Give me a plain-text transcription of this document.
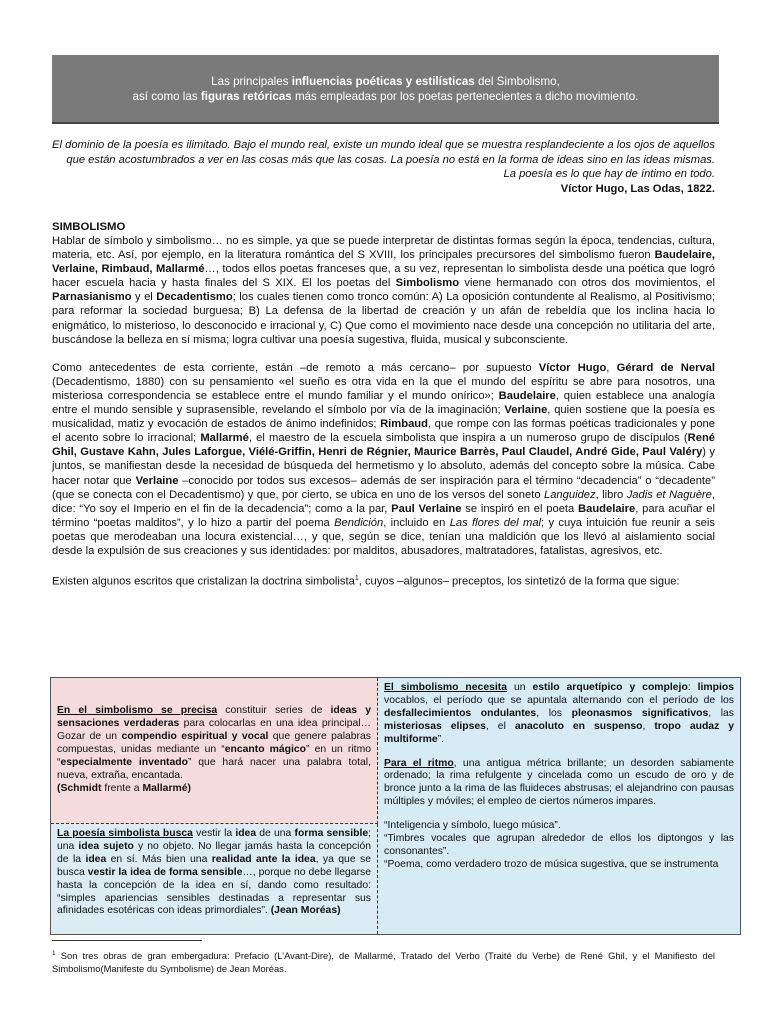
Las principales influencias poéticas y estilísticas del Simbolismo,
así como las figuras retóricas más empleadas por los poetas pertenecientes a dicho movimiento.
El dominio de la poesía es ilimitado. Bajo el mundo real, existe un mundo ideal que se muestra resplandeciente a los ojos de aquellos que están acostumbrados a ver en las cosas más que las cosas. La poesía no está en la forma de ideas sino en las ideas mismas. La poesía es lo que hay de íntimo en todo.
Víctor Hugo, Las Odas, 1822.
SIMBOLISMO

Hablar de símbolo y simbolismo… no es simple, ya que se puede interpretar de distintas formas según la época, tendencias, cultura, materia, etc. Así, por ejemplo, en la literatura romántica del S XVIII, los principales precursores del simbolismo fueron Baudelaire, Verlaine, Rimbaud, Mallarmé…, todos ellos poetas franceses que, a su vez, representan lo simbolista desde una poética que logró hacer escuela hacia y hasta finales del S XIX. El los poetas del Simbolismo viene hermanado con otros dos movimientos, el Parnasianismo y el Decadentismo; los cuales tienen como tronco común: A) La oposición contundente al Realismo, al Positivismo; para reformar la sociedad burguesa; B) La defensa de la libertad de creación y un afán de rebeldía que los inclina hacia lo enigmático, lo misterioso, lo desconocido e irracional y, C) Que como el movimiento nace desde una concepción no utilitaria del arte, buscándose la belleza en sí misma; logra cultivar una poesía sugestiva, fluida, musical y subconsciente.

Como antecedentes de esta corriente, están –de remoto a más cercano– por supuesto Víctor Hugo, Gérard de Nerval (Decadentismo, 1880) con su pensamiento «el sueño es otra vida en la que el mundo del espíritu se abre para nosotros, una misteriosa correspondencia se establece entre el mundo familiar y el mundo onírico»; Baudelaire, quien establece una analogía entre el mundo sensible y suprasensible, revelando el símbolo por vía de la imaginación; Verlaine, quien sostiene que la poesía es musicalidad, matiz y evocación de estados de ánimo indefinidos; Rimbaud, que rompe con las formas poéticas tradicionales y pone el acento sobre lo irracional; Mallarmé, el maestro de la escuela simbolista que inspira a un numeroso grupo de discípulos (René Ghil, Gustave Kahn, Jules Laforgue, Viélé-Griffin, Henri de Régnier, Maurice Barrès, Paul Claudel, André Gide, Paul Valéry) y juntos, se manifiestan desde la necesidad de búsqueda del hermetismo y lo absoluto, además del concepto sobre la música. Cabe hacer notar que Verlaine –conocido por todos sus excesos– además de ser inspiración para el término “decadencia” o “decadente” (que se conecta con el Decadentismo) y que, por cierto, se ubica en uno de los versos del soneto Languidez, libro Jadis et Naguère, dice: “Yo soy el Imperio en el fin de la decadencia”; como a la par, Paul Verlaine se inspiró en el poeta Baudelaire, para acuñar el término “poetas malditos”, y lo hizo a partir del poema Bendición, incluido en Las flores del mal; y cuya intuición fue reunir a seis poetas que merodeaban una locura existencial…, y que, según se dice, tenían una maldición que los llevó al aislamiento social desde la expulsión de sus creaciones y sus identidades: por malditos, abusadores, maltratadores, fatalistas, agresivos, etc.

Existen algunos escritos que cristalizan la doctrina simbolista$^1$, cuyos –algunos– preceptos, los sintetizó de la forma que sigue:

En el simbolismo se precisa constituir series de ideas y sensaciones verdaderas para colocarlas en una idea principal… Gozar de un compendio espiritual y vocal que genere palabras compuestas, unidas mediante un “encanto mágico” en un ritmo “especialmente inventado” que hará nacer una palabra total, nueva, extraña, encantada.
(Schmidt frente a Mallarmé)
La poesía simbolista busca vestir la idea de una forma sensible; una idea sujeto y no objeto. No llegar jamás hasta la concepción de la idea en sí. Más bien una realidad ante la idea, ya que se busca vestir la idea de forma sensible…, porque no debe llegarse hasta la concepción de la idea en sí, dando como resultado: “simples apariencias sensibles destinadas a representar sus afinidades esotéricas con ideas primordiales”. (Jean Moréas)

El simbolismo necesita un estilo arquetípico y complejo: limpios vocablos, el período que se apuntala alternando con el período de los desfallecimientos ondulantes, los pleonasmos significativos, las misteriosas elipses, el anacoluto en suspenso, tropo audaz y multiforme”.

Para el ritmo, una antigua métrica brillante; un desorden sabiamente ordenado; la rima refulgente y cincelada como un escudo de oro y de bronce junto a la rima de las fluideces abstrusas; el alejandrino con pausas múltiples y móviles; el empleo de ciertos números impares.

“Inteligencia y símbolo, luego música”.
“Timbres vocales que agrupan alrededor de ellos los diptongos y las consonantes”.
“Poema, como verdadero trozo de música sugestiva, que se instrumenta

$^1$ Son tres obras de gran embergadura: Prefacio (L’Avant-Dire), de Mallarmé, Tratado del Verbo (Traité du Verbe) de René Ghil, y el Manifiesto del Simbolismo(Manifeste du Symbolisme) de Jean Moréas.
